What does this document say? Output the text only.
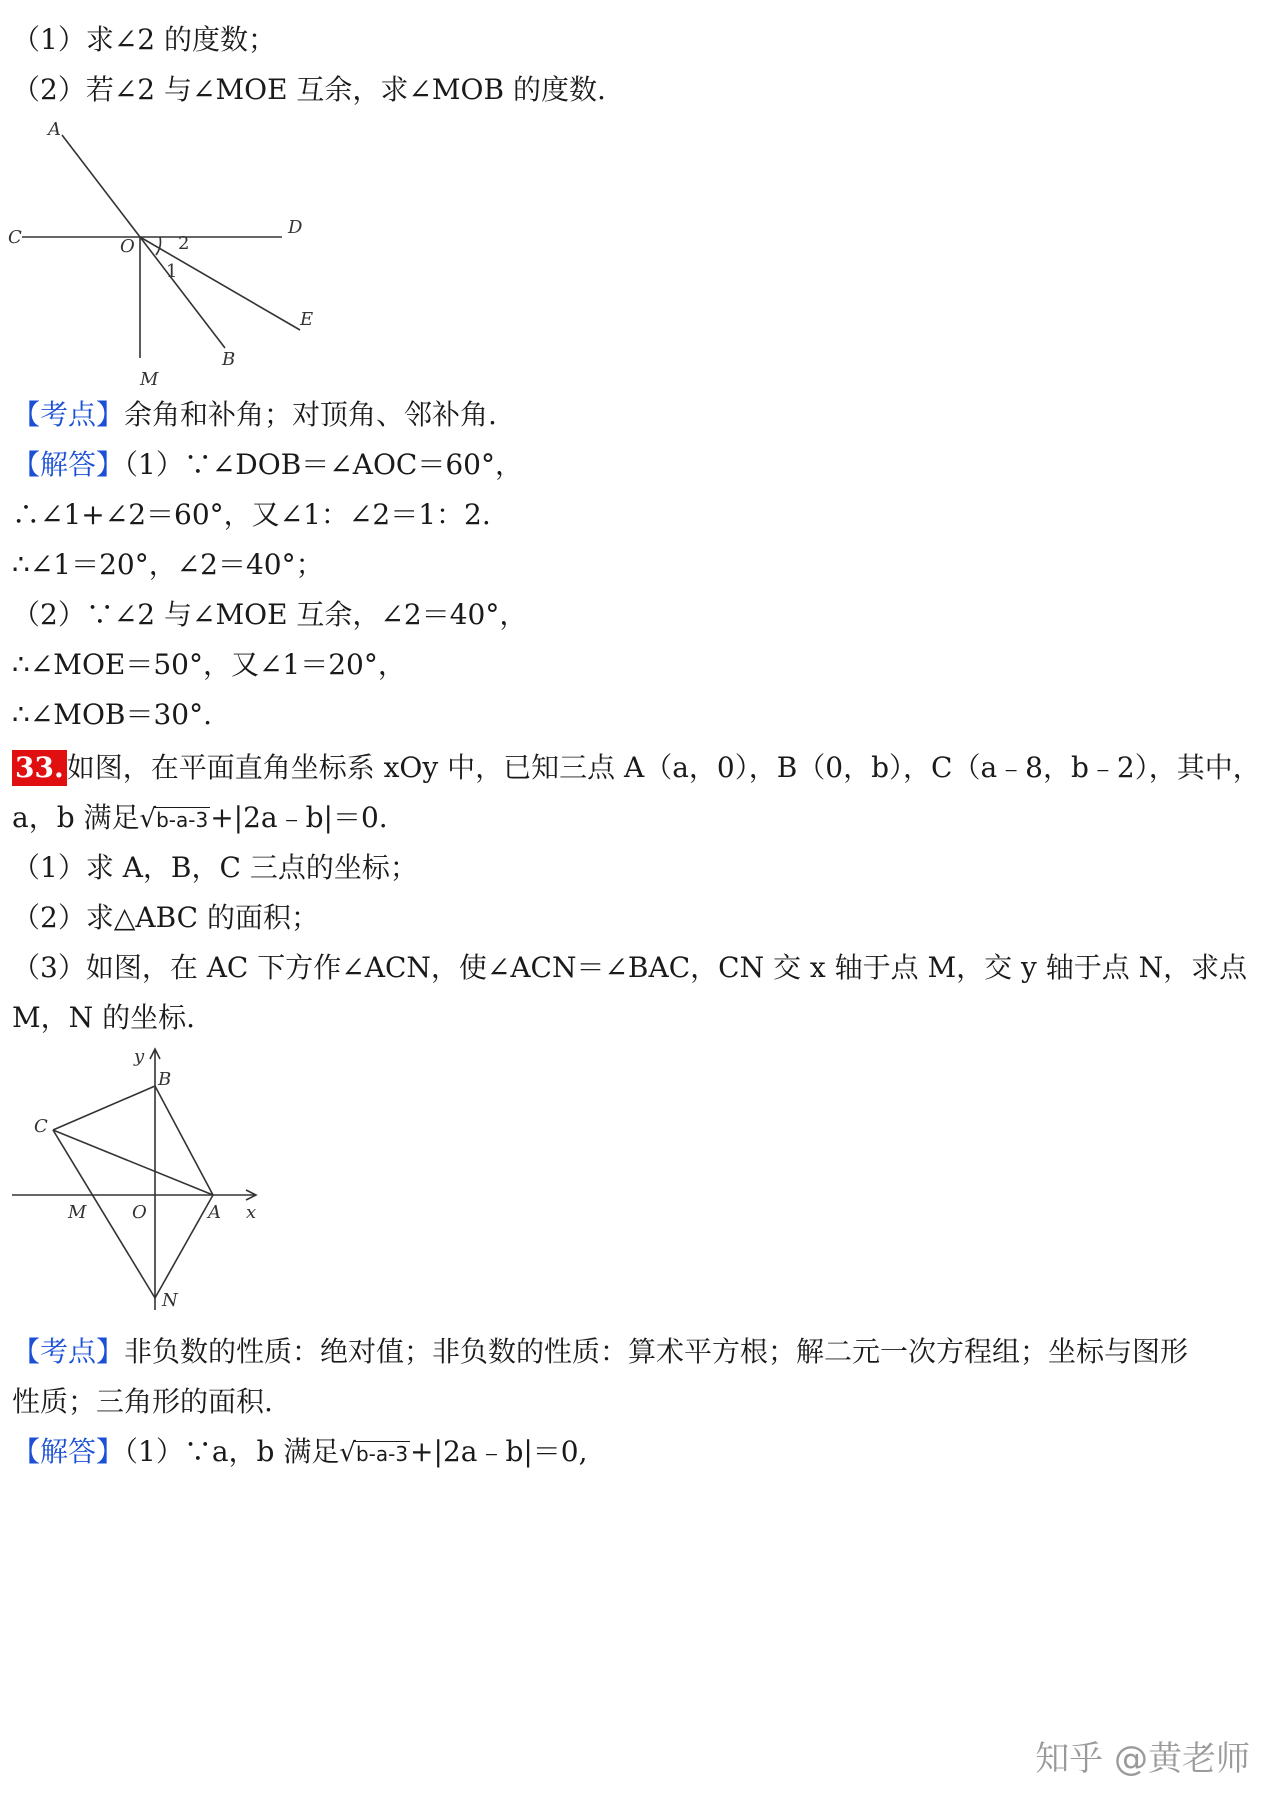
（1）求∠2 的度数；
（2）若∠2 与∠MOE 互余，求∠MOB 的度数.
A
C	D
O 2
1
E
B
M
【考点】余角和补角；对顶角、邻补角.
【解答】（1）∵∠DOB＝∠AOC＝60°，
∴∠1+∠2＝60°，又∠1：∠2＝1：2.
∴∠1＝20°，∠2＝40°；
（2）∵∠2 与∠MOE 互余，∠2＝40°，
∴∠MOE＝50°，又∠1＝20°，
∴∠MOB＝30°.
33. 如图，在平面直角坐标系 xOy 中，已知三点 A（a，0），B（0，b），C（a﹣8，b﹣2），其中，
a，b 满足√b-a-3+|2a﹣b|＝0.
（1）求 A，B，C 三点的坐标；
（2）求△ABC 的面积；
（3）如图，在 AC 下方作∠ACN，使∠ACN＝∠BAC，CN 交 x 轴于点 M，交 y 轴于点 N，求点
M，N 的坐标.
y
B
C
M	O	A x
N
【考点】非负数的性质：绝对值；非负数的性质：算术平方根；解二元一次方程组；坐标与图形
性质；三角形的面积.
【解答】（1）∵a，b 满足√b-a-3+|2a﹣b|＝0,
知乎 @黄老师
